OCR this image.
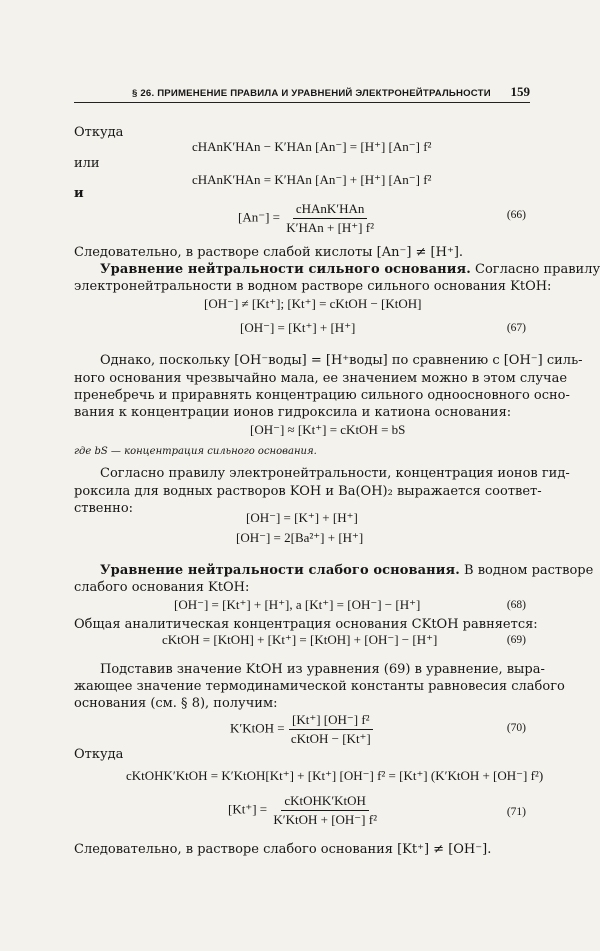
§ 26. ПРИМЕНЕНИЕ ПРАВИЛА И УРАВНЕНИЙ ЭЛЕКТРОНЕЙТРАЛЬНОСТИ 159
Откуда
cHAnK′HAn − K′HAn [An⁻] = [H⁺] [An⁻] f²
или
cHAnK′HAn = K′HAn [An⁻] + [H⁺] [An⁻] f²
и
$[An^-] = \frac{\text{cHAnK′HAn}}{\text{K′HAn + [H⁺] f²}}$	(66)
Следовательно, в растворе слабой кислоты [An⁻] ≠ [H⁺].
Уравнение нейтральности сильного основания. Согласно правилу
электронейтральности в водном растворе сильного основания KtOH:
[OH⁻] ≠ [Kt⁺]; [Kt⁺] = cKtOH − [KtOH]
[OH⁻] = [Kt⁺] + [H⁺]	(67)
Однако, поскольку [OH⁻воды] = [H⁺воды] по сравнению с [OH⁻] силь-
ного основания чрезвычайно мала, ее значением можно в этом случае
пренебречь и приравнять концентрацию сильного одноосновного осно-
вания к концентрации ионов гидроксила и катиона основания:
[OH⁻] ≈ [Kt⁺] = cKtOH = bS
где bS — концентрация сильного основания.
Согласно правилу электронейтральности, концентрация ионов гид-
роксила для водных растворов KOH и Ba(OH)₂ выражается соответ-
ственно:
[OH⁻] = [K⁺] + [H⁺]
[OH⁻] = 2[Ba²⁺] + [H⁺]
Уравнение нейтральности слабого основания. В водном растворе
слабого основания KtOH:
[OH⁻] = [Kt⁺] + [H⁺], а [Kt⁺] = [OH⁻] − [H⁺]	(68)
Общая аналитическая концентрация основания CKtOH равняется:
cKtOH = [KtOH] + [Kt⁺] = [KtOH] + [OH⁻] − [H⁺]	(69)
Подставив значение KtOH из уравнения (69) в уравнение, выра-
жающее значение термодинамической константы равновесия слабого
основания (см. § 8), получим:
K′KtOH = $\frac{\text{[Kt⁺] [OH⁻] f²}}{\text{cKtOH − [Kt⁺]}}$	(70)
Откуда
cKtOHK′KtOH = K′KtOH[Kt⁺] + [Kt⁺] [OH⁻] f² = [Kt⁺] (K′KtOH + [OH⁻] f²)
$[Kt^+] = \frac{\text{cKtOHK′KtOH}}{\text{K′KtOH + [OH⁻] f²}}$	(71)
Следовательно, в растворе слабого основания [Kt⁺] ≠ [OH⁻].
